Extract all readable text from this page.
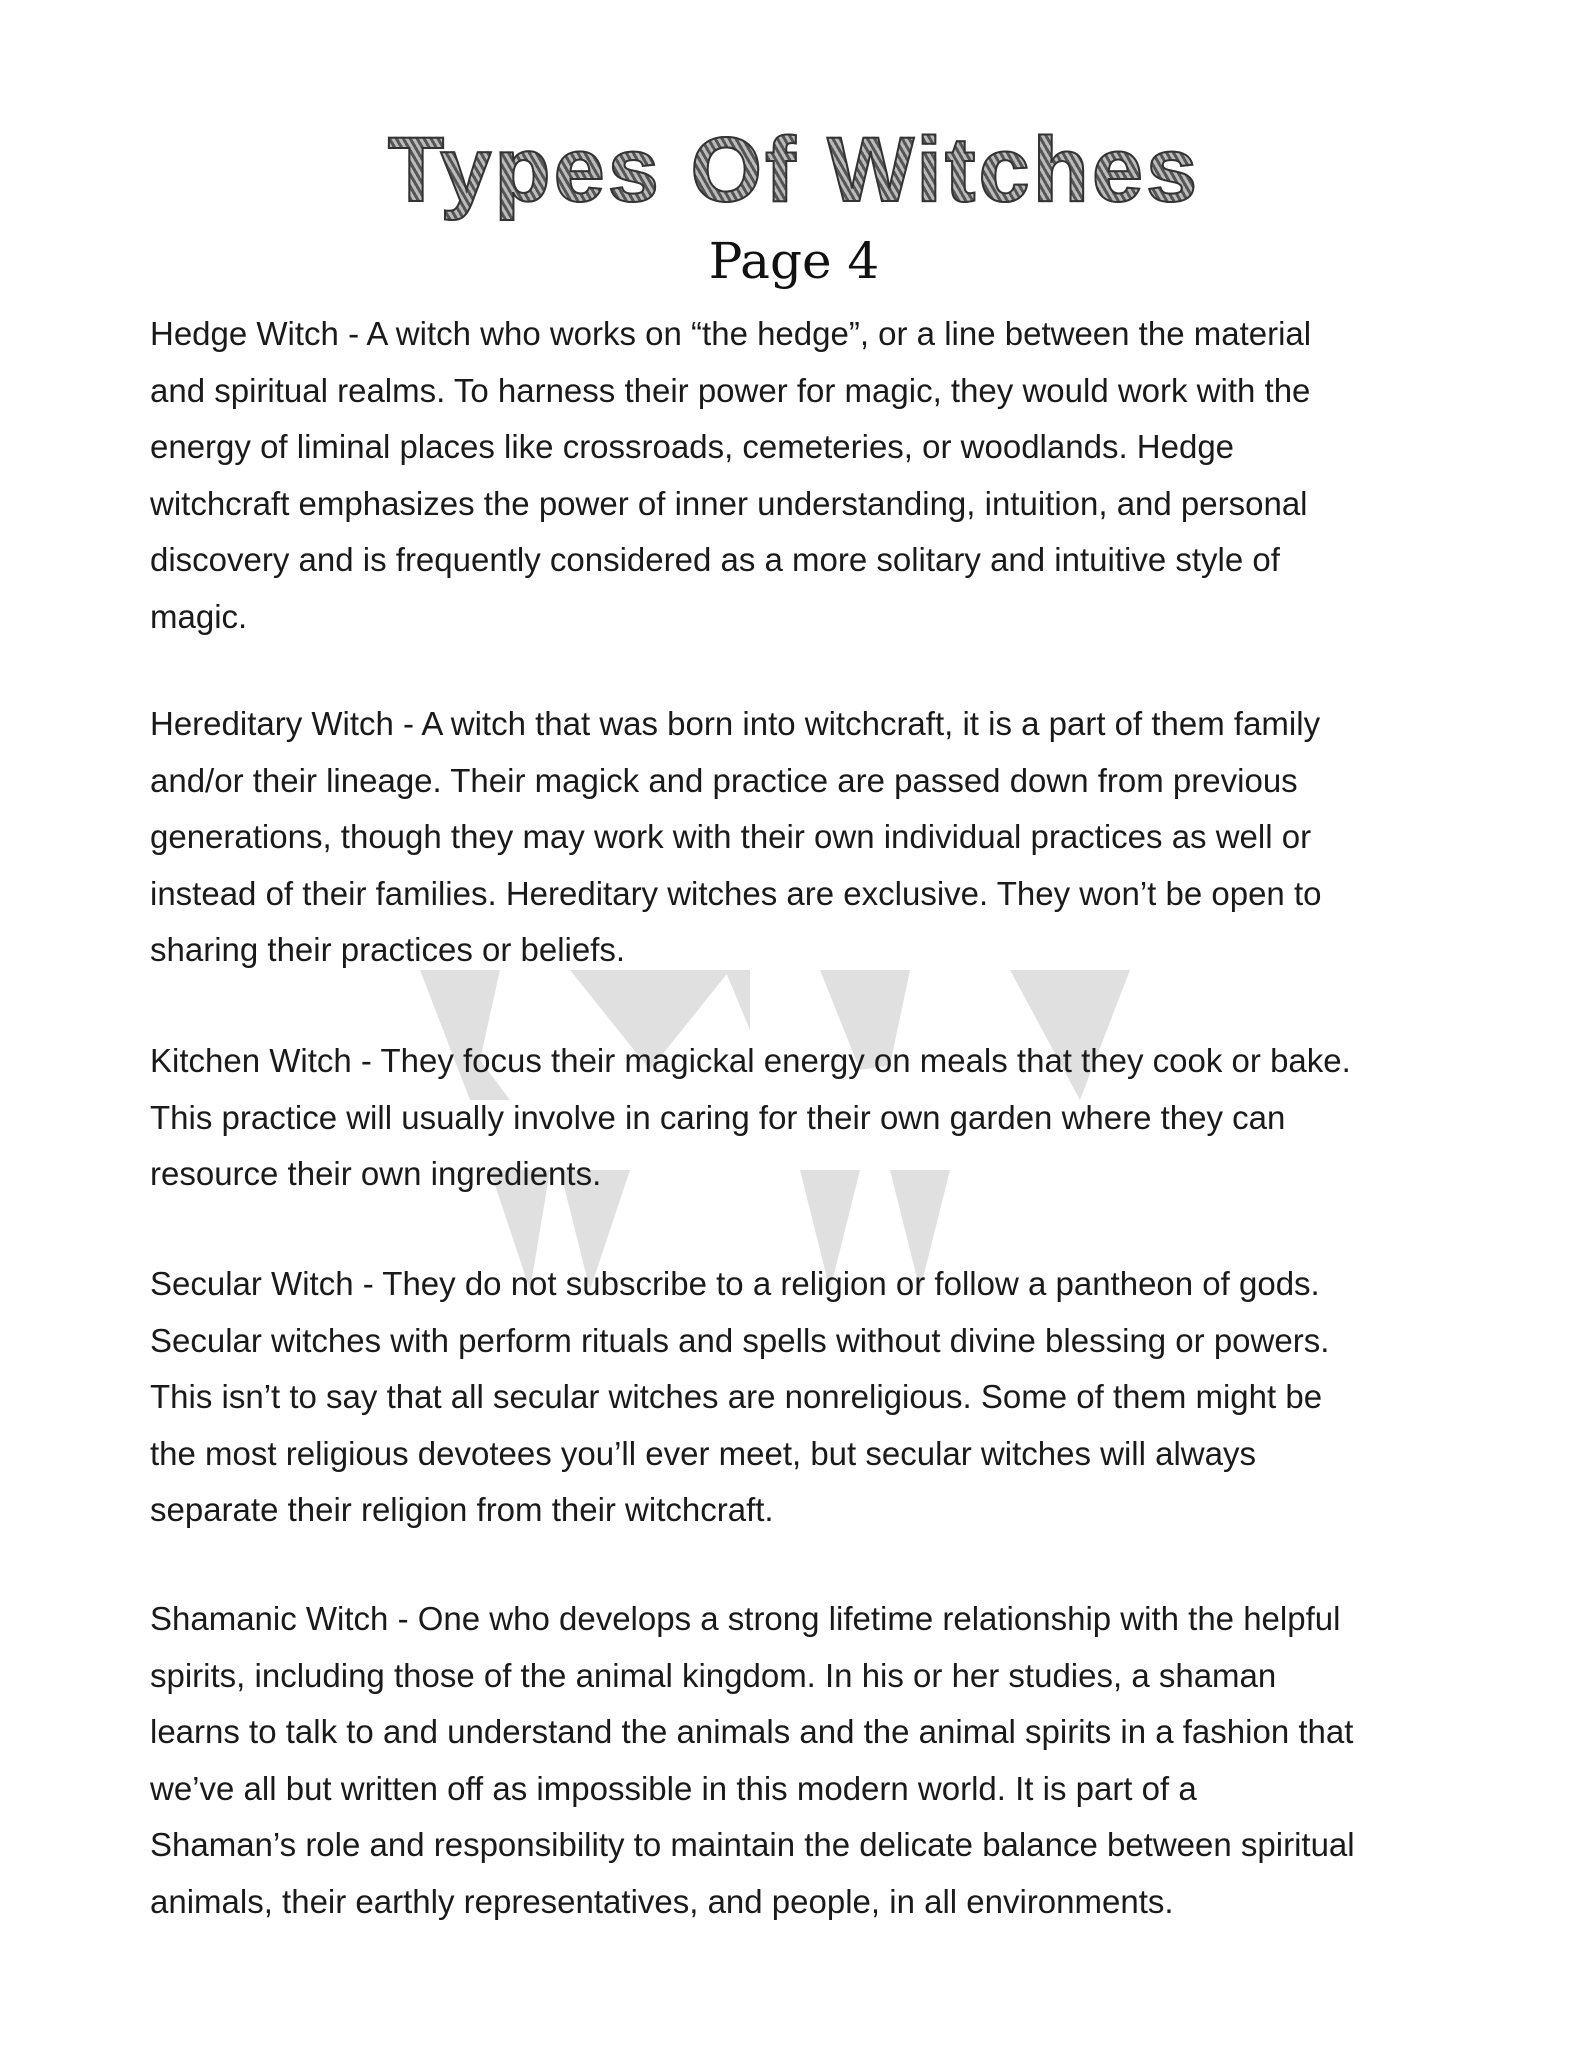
Types Of Witches
Page 4
Hedge Witch - A witch who works on “the hedge”, or a line between the material
and spiritual realms. To harness their power for magic, they would work with the
energy of liminal places like crossroads, cemeteries, or woodlands. Hedge
witchcraft emphasizes the power of inner understanding, intuition, and personal
discovery and is frequently considered as a more solitary and intuitive style of
magic.
Hereditary Witch - A witch that was born into witchcraft, it is a part of them family
and/or their lineage. Their magick and practice are passed down from previous
generations, though they may work with their own individual practices as well or
instead of their families. Hereditary witches are exclusive. They won’t be open to
sharing their practices or beliefs.
Kitchen Witch - They focus their magickal energy on meals that they cook or bake.
This practice will usually involve in caring for their own garden where they can
resource their own ingredients.
Secular Witch - They do not subscribe to a religion or follow a pantheon of gods.
Secular witches with perform rituals and spells without divine blessing or powers.
This isn’t to say that all secular witches are nonreligious. Some of them might be
the most religious devotees you’ll ever meet, but secular witches will always
separate their religion from their witchcraft.
Shamanic Witch - One who develops a strong lifetime relationship with the helpful
spirits, including those of the animal kingdom. In his or her studies, a shaman
learns to talk to and understand the animals and the animal spirits in a fashion that
we’ve all but written off as impossible in this modern world. It is part of a
Shaman’s role and responsibility to maintain the delicate balance between spiritual
animals, their earthly representatives, and people, in all environments.
